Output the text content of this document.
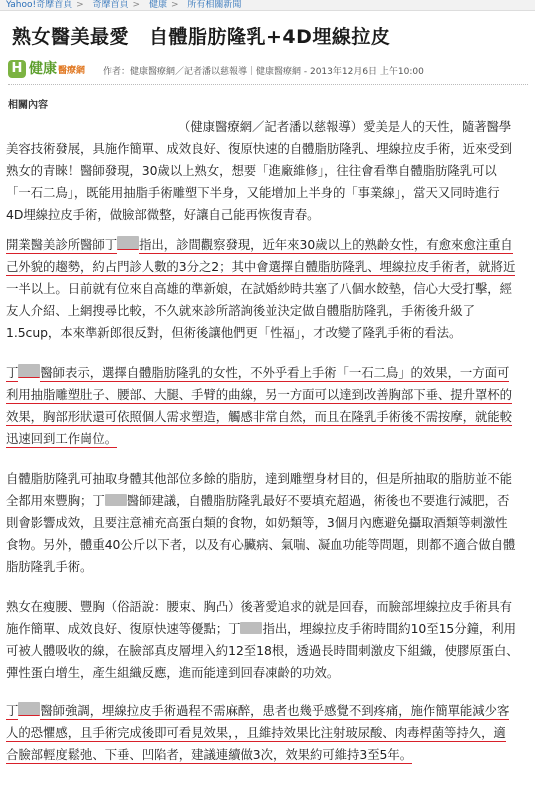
Yahoo!奇摩首頁 > 奇摩首頁 > 健康 > 所有相關新聞
熟女醫美最愛 自體脂肪隆乳+4D埋線拉皮
H 健康醫療網 作者：健康醫療網／記者潘以慈報導｜健康醫療網 - 2013年12月6日 上午10:00
相關內容
（健康醫療網／記者潘以慈報導）愛美是人的天性，隨著醫學
美容技術發展，具施作簡單、成效良好、復原快速的自體脂肪隆乳、埋線拉皮手術，近來受到
熟女的青睞！醫師發現，30歲以上熟女，想要「進廠維修」，往往會看準自體脂肪隆乳可以
「一石二鳥」，既能用抽脂手術雕塑下半身，又能增加上半身的「事業線」，當天又同時進行
4D埋線拉皮手術，做臉部微整，好讓自己能再恢復青春。
開業醫美診所醫師丁 指出，診間觀察發現，近年來30歲以上的熟齡女性，有愈來愈注重自
己外貌的趨勢，約占門診人數的3分之2；其中會選擇自體脂肪隆乳、埋線拉皮手術者，就將近
一半以上。日前就有位來自高雄的準新娘，在試婚紗時共塞了八個水餃墊，信心大受打擊，經
友人介紹、上網搜尋比較，不久就來診所諮詢後並決定做自體脂肪隆乳，手術後升級了
1.5cup，本來準新郎很反對，但術後讓他們更「性福」，才改變了隆乳手術的看法。
丁 醫師表示，選擇自體脂肪隆乳的女性，不外乎看上手術「一石二鳥」的效果，一方面可
利用抽脂雕塑肚子、腰部、大腿、手臂的曲線，另一方面可以達到改善胸部下垂、提升罩杯的
效果，胸部形狀還可依照個人需求塑造，觸感非常自然，而且在隆乳手術後不需按摩，就能較
迅速回到工作崗位。
自體脂肪隆乳可抽取身體其他部位多餘的脂肪，達到雕塑身材目的，但是所抽取的脂肪並不能
全都用來豐胸；丁 醫師建議，自體脂肪隆乳最好不要填充超過，術後也不要進行減肥，否
則會影響成效，且要注意補充高蛋白類的食物，如奶類等，3個月內應避免攝取酒類等刺激性
食物。另外，體重40公斤以下者，以及有心臟病、氣喘、凝血功能等問題，則都不適合做自體
脂肪隆乳手術。
熟女在瘦腰、豐胸（俗語說：腰束、胸凸）後著愛追求的就是回春，而臉部埋線拉皮手術具有
施作簡單、成效良好、復原快速等優點；丁 指出，埋線拉皮手術時間約10至15分鐘，利用
可被人體吸收的線，在臉部真皮層埋入約12至18根，透過長時間刺激皮下組織，使膠原蛋白、
彈性蛋白增生，產生組織反應，進而能達到回春凍齡的功效。
丁 醫師強調，埋線拉皮手術過程不需麻醉，患者也幾乎感覺不到疼痛，施作簡單能減少客
人的恐懼感，且手術完成後即可看見效果，，且維持效果比注射玻尿酸、肉毒桿菌等持久，適
合臉部輕度鬆弛、下垂、凹陷者，建議連續做3次，效果約可維持3至5年。
